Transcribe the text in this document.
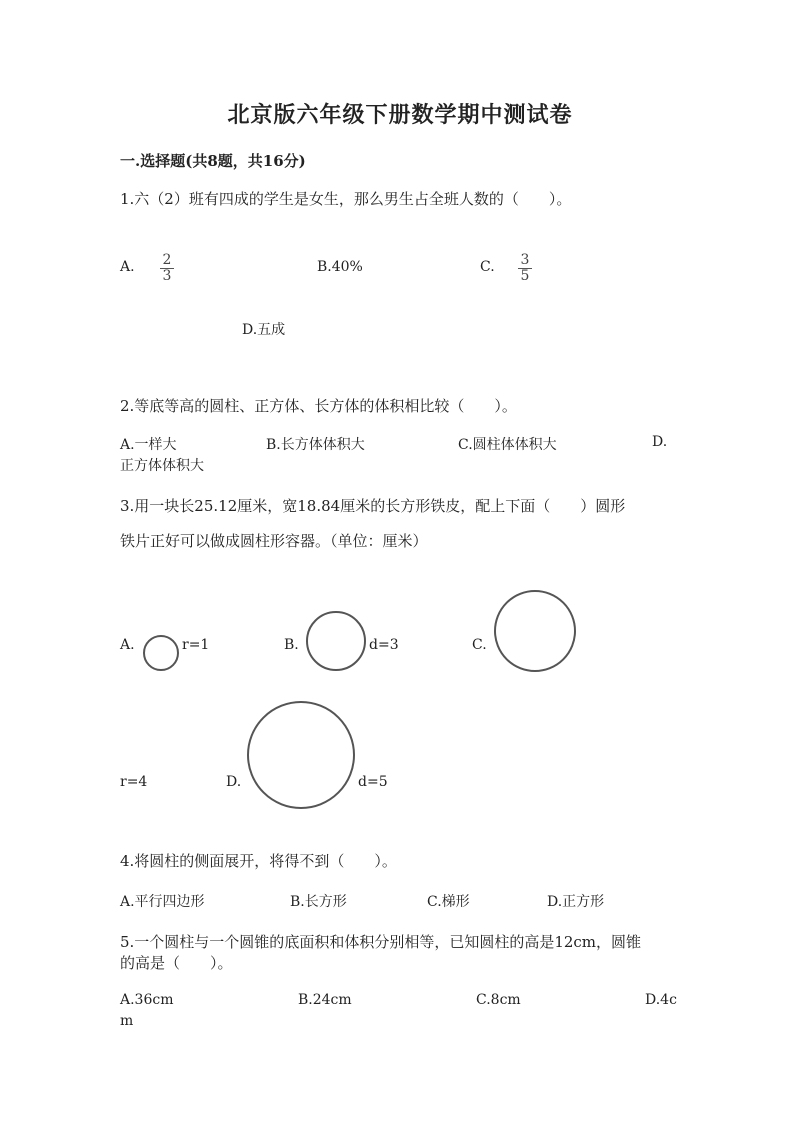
北京版六年级下册数学期中测试卷
一.选择题(共8题，共16分)
1.六（2）班有四成的学生是女生，那么男生占全班人数的（　　）。
A. $\frac{2}{3}$	B.40%	C. $\frac{3}{5}$
D.五成
2.等底等高的圆柱、正方体、长方体的体积相比较（　　）。
A.一样大	B.长方体体积大	C.圆柱体体积大	D.
正方体体积大
3.用一块长25.12厘米，宽18.84厘米的长方形铁皮，配上下面（　　）圆形
铁片正好可以做成圆柱形容器。（单位：厘米）
A.	r=1	B.	d=3	C.
r=4	D.	d=5
4.将圆柱的侧面展开，将得不到（　　）。
A.平行四边形	B.长方形	C.梯形	D.正方形
5.一个圆柱与一个圆锥的底面积和体积分别相等，已知圆柱的高是12cm，圆锥
的高是（　　）。
A.36cm	B.24cm	C.8cm	D.4c
m
